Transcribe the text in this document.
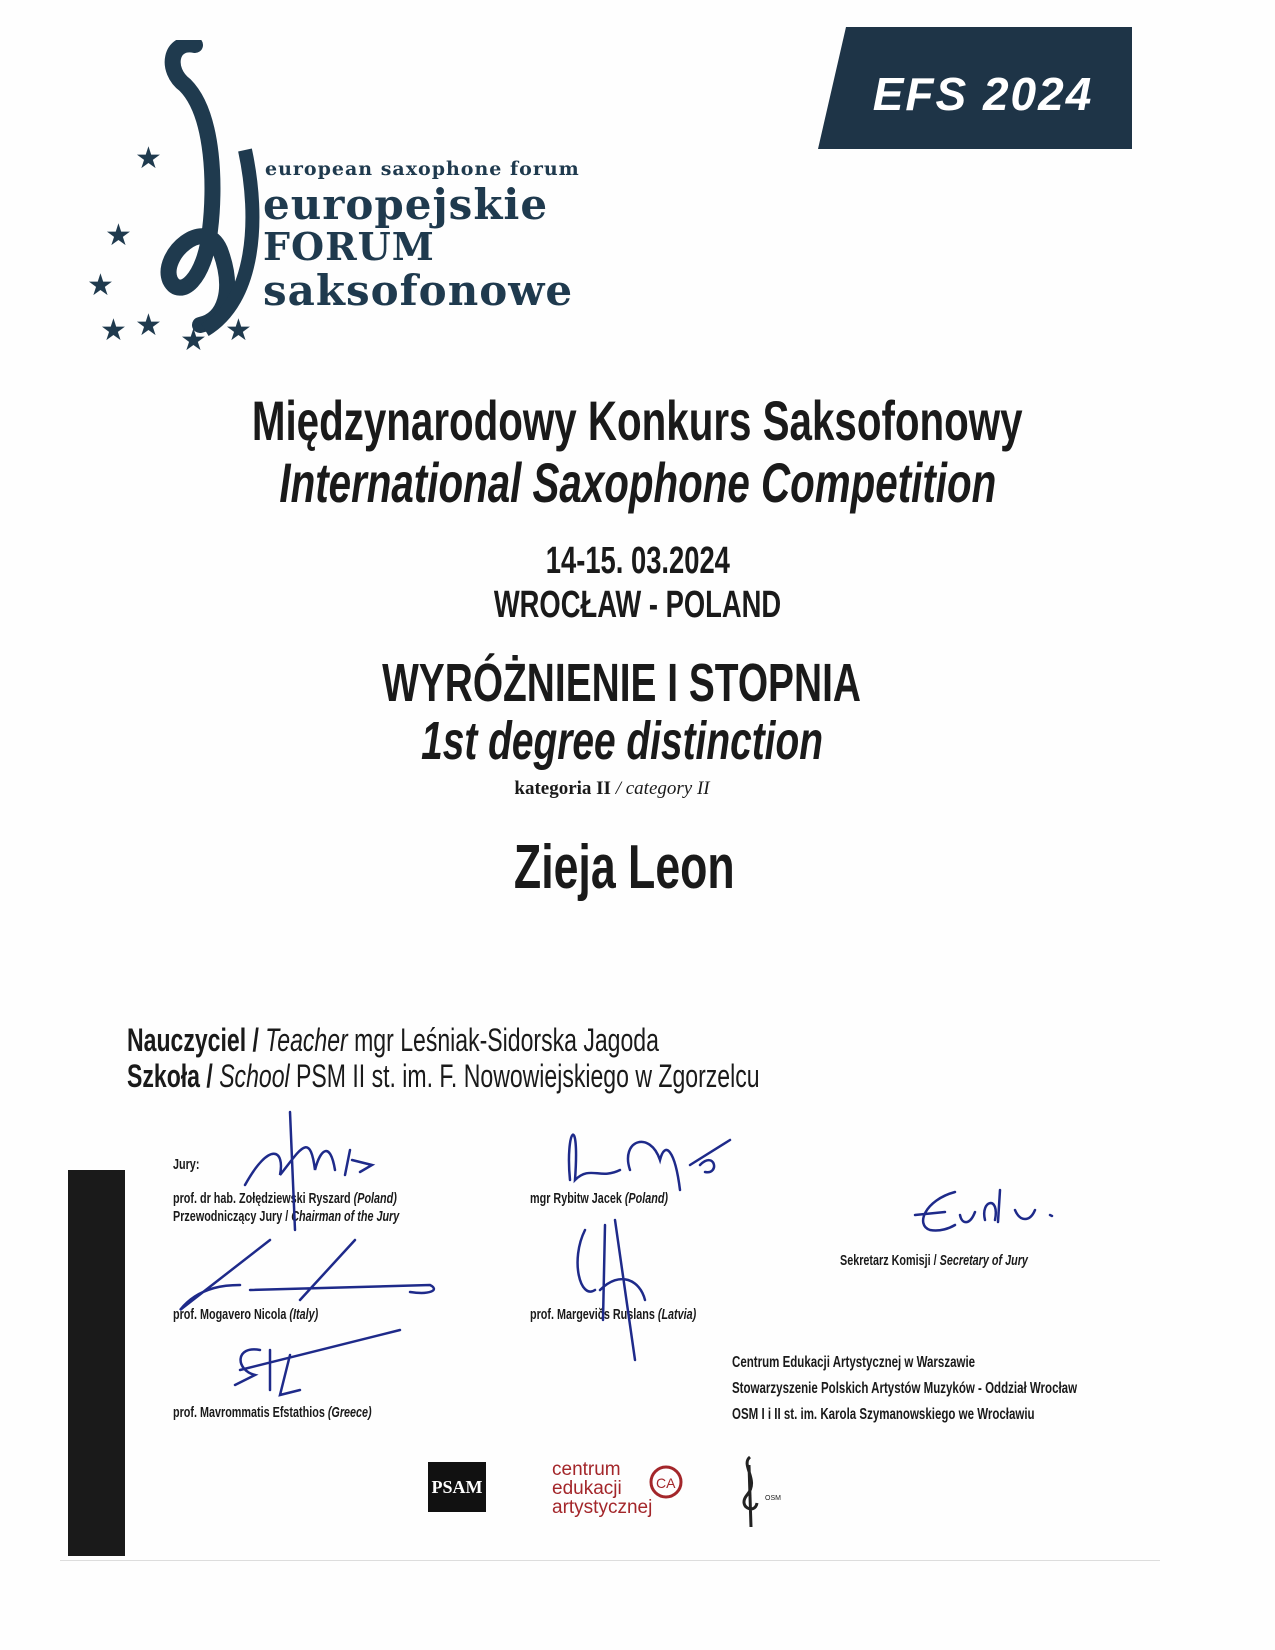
EFS 2024
★
★
★
★ ★ ★ ★
european saxophone forum
europejskie
FORUM
saksofonowe
Międzynarodowy Konkurs Saksofonowy
International Saxophone Competition
14-15. 03.2024
WROCŁAW - POLAND
WYRÓŻNIENIE I STOPNIA
1st degree distinction
kategoria II / category II
Zieja Leon
Nauczyciel / Teacher mgr Leśniak-Sidorska Jagoda
Szkoła / School PSM II st. im. F. Nowowiejskiego w Zgorzelcu
Jury:
prof. dr hab. Zołędziewski Ryszard (Poland)
Przewodniczący Jury / Chairman of the Jury
mgr Rybitw Jacek (Poland)
prof. Mogavero Nicola (Italy)	prof. Margevičs Ruslans (Latvia)
prof. Mavrommatis Efstathios (Greece)
Sekretarz Komisji / Secretary of Jury
Centrum Edukacji Artystycznej w Warszawie
Stowarzyszenie Polskich Artystów Muzyków - Oddział Wrocław
OSM I i II st. im. Karola Szymanowskiego we Wrocławiu
PSAM
centrum
edukacji
artystycznej
CA
OSM
